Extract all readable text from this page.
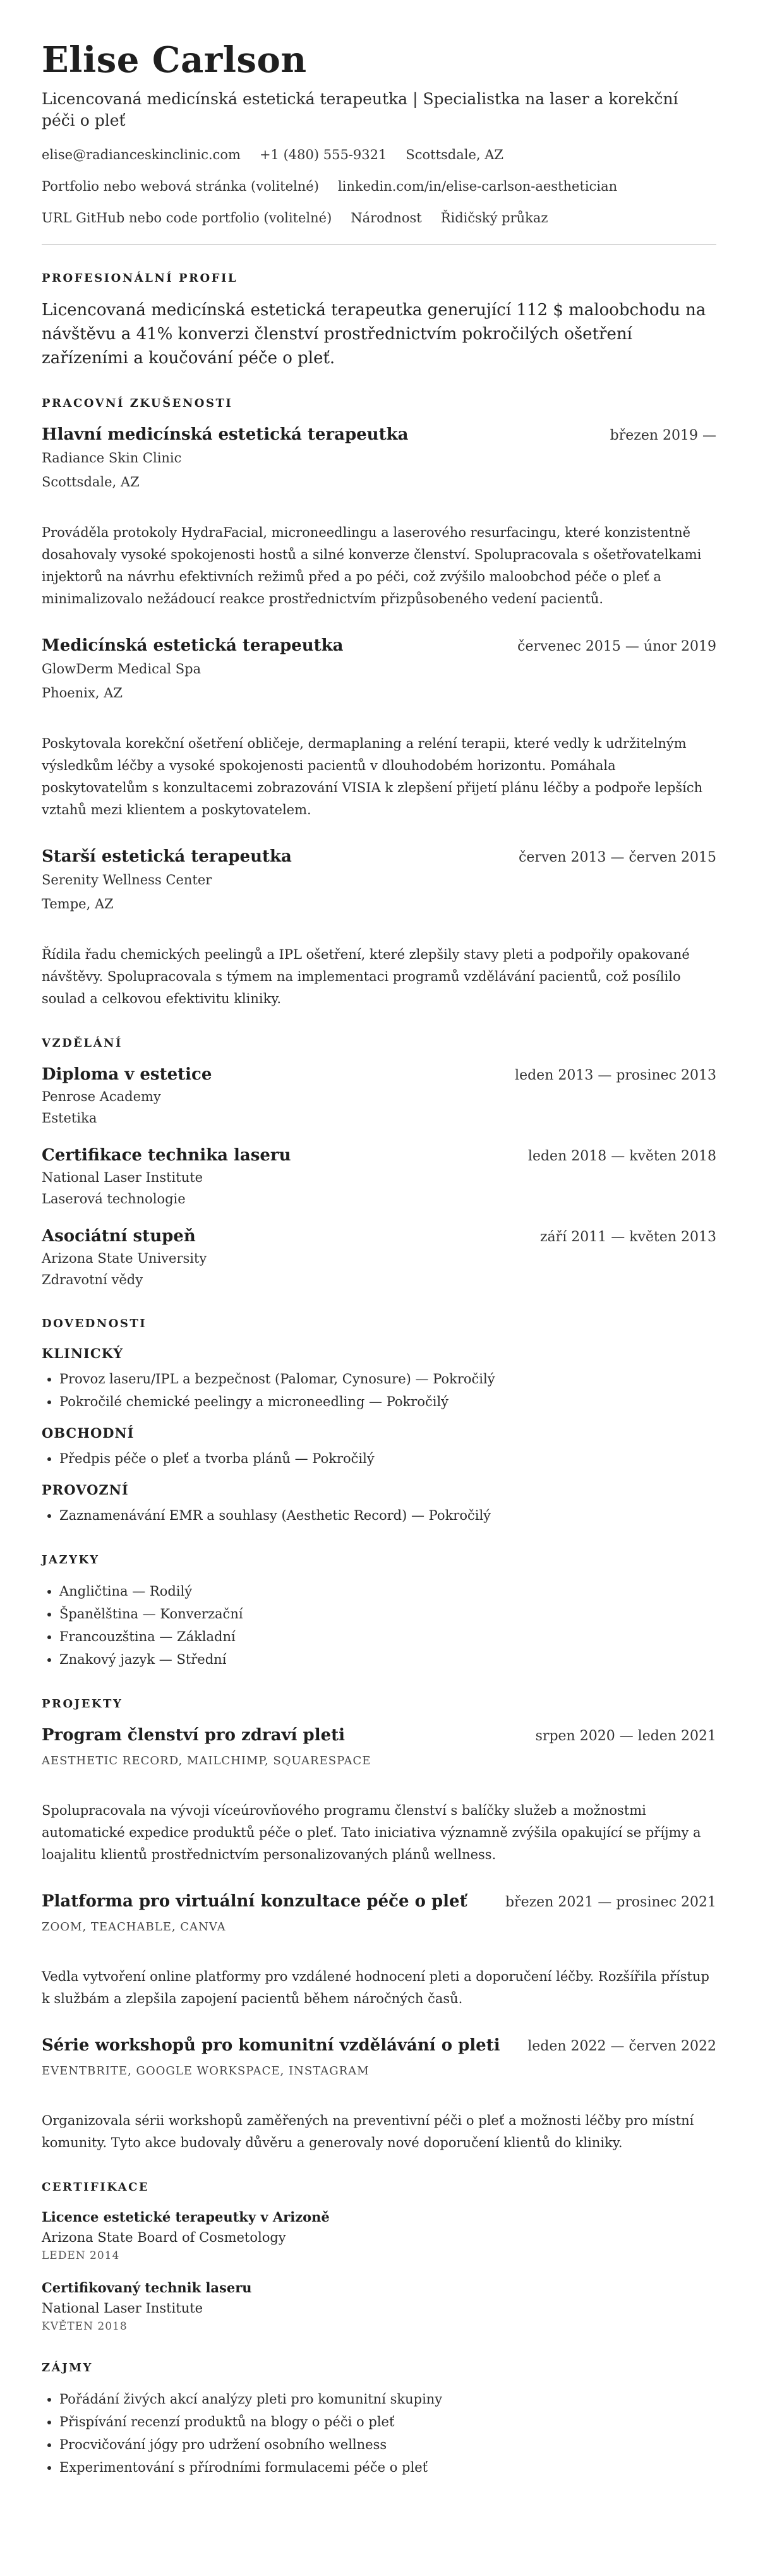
Elise Carlson
Licencovaná medicínská estetická terapeutka | Specialistka na laser a korekční péči o pleť
elise@radianceskinclinic.com +1 (480) 555-9321 Scottsdale, AZ
Portfolio nebo webová stránka (volitelné) linkedin.com/in/elise-carlson-aesthetician
URL GitHub nebo code portfolio (volitelné) Národnost Řidičský průkaz
PROFESIONÁLNÍ PROFIL

Licencovaná medicínská estetická terapeutka generující 112 $ maloobchodu na návštěvu a 41% konverzi členství prostřednictvím pokročilých ošetření zařízeními a koučování péče o pleť.

PRACOVNÍ ZKUŠENOSTI
Hlavní medicínská estetická terapeutka	březen 2019 —
Radiance Skin Clinic
Scottsdale, AZ

Prováděla protokoly HydraFacial, microneedlingu a laserového resurfacingu, které konzistentně dosahovaly vysoké spokojenosti hostů a silné konverze členství. Spolupracovala s ošetřovatelkami injektorů na návrhu efektivních režimů před a po péči, což zvýšilo maloobchod péče o pleť a minimalizovalo nežádoucí reakce prostřednictvím přizpůsobeného vedení pacientů.

Medicínská estetická terapeutka	červenec 2015 — únor 2019
GlowDerm Medical Spa
Phoenix, AZ

Poskytovala korekční ošetření obličeje, dermaplaning a reléní terapii, které vedly k udržitelným výsledkům léčby a vysoké spokojenosti pacientů v dlouhodobém horizontu. Pomáhala poskytovatelům s konzultacemi zobrazování VISIA k zlepšení přijetí plánu léčby a podpoře lepších vztahů mezi klientem a poskytovatelem.

Starší estetická terapeutka	červen 2013 — červen 2015
Serenity Wellness Center
Tempe, AZ

Řídila řadu chemických peelingů a IPL ošetření, které zlepšily stavy pleti a podpořily opakované návštěvy. Spolupracovala s týmem na implementaci programů vzdělávání pacientů, což posílilo soulad a celkovou efektivitu kliniky.

VZDĚLÁNÍ
Diploma v estetice	leden 2013 — prosinec 2013
Penrose Academy
Estetika
Certifikace technika laseru	leden 2018 — květen 2018
National Laser Institute
Laserová technologie
Asociátní stupeň	září 2011 — květen 2013
Arizona State University
Zdravotní vědy
DOVEDNOSTI
KLINICKÝ
• Provoz laseru/IPL a bezpečnost (Palomar, Cynosure) — Pokročilý
• Pokročilé chemické peelingy a microneedling — Pokročilý
OBCHODNÍ
• Předpis péče o pleť a tvorba plánů — Pokročilý
PROVOZNÍ
• Zaznamenávání EMR a souhlasy (Aesthetic Record) — Pokročilý
JAZYKY
• Angličtina — Rodilý
• Španělština — Konverzační
• Francouzština — Základní
• Znakový jazyk — Střední
PROJEKTY
Program členství pro zdraví pleti	srpen 2020 — leden 2021
AESTHETIC RECORD, MAILCHIMP, SQUARESPACE

Spolupracovala na vývoji víceúrovňového programu členství s balíčky služeb a možnostmi automatické expedice produktů péče o pleť. Tato iniciativa významně zvýšila opakující se příjmy a loajalitu klientů prostřednictvím personalizovaných plánů wellness.

Platforma pro virtuální konzultace péče o pleť	březen 2021 — prosinec 2021
ZOOM, TEACHABLE, CANVA

Vedla vytvoření online platformy pro vzdálené hodnocení pleti a doporučení léčby. Rozšířila přístup k službám a zlepšila zapojení pacientů během náročných časů.

Série workshopů pro komunitní vzdělávání o pleti leden 2022 — červen 2022
EVENTBRITE, GOOGLE WORKSPACE, INSTAGRAM

Organizovala sérii workshopů zaměřených na preventivní péči o pleť a možnosti léčby pro místní komunity. Tyto akce budovaly důvěru a generovaly nové doporučení klientů do kliniky.

CERTIFIKACE
Licence estetické terapeutky v Arizoně
Arizona State Board of Cosmetology
LEDEN 2014
Certifikovaný technik laseru
National Laser Institute
KVĚTEN 2018
ZÁJMY
• Pořádání živých akcí analýzy pleti pro komunitní skupiny
• Přispívání recenzí produktů na blogy o péči o pleť
• Procvičování jógy pro udržení osobního wellness
• Experimentování s přírodními formulacemi péče o pleť
